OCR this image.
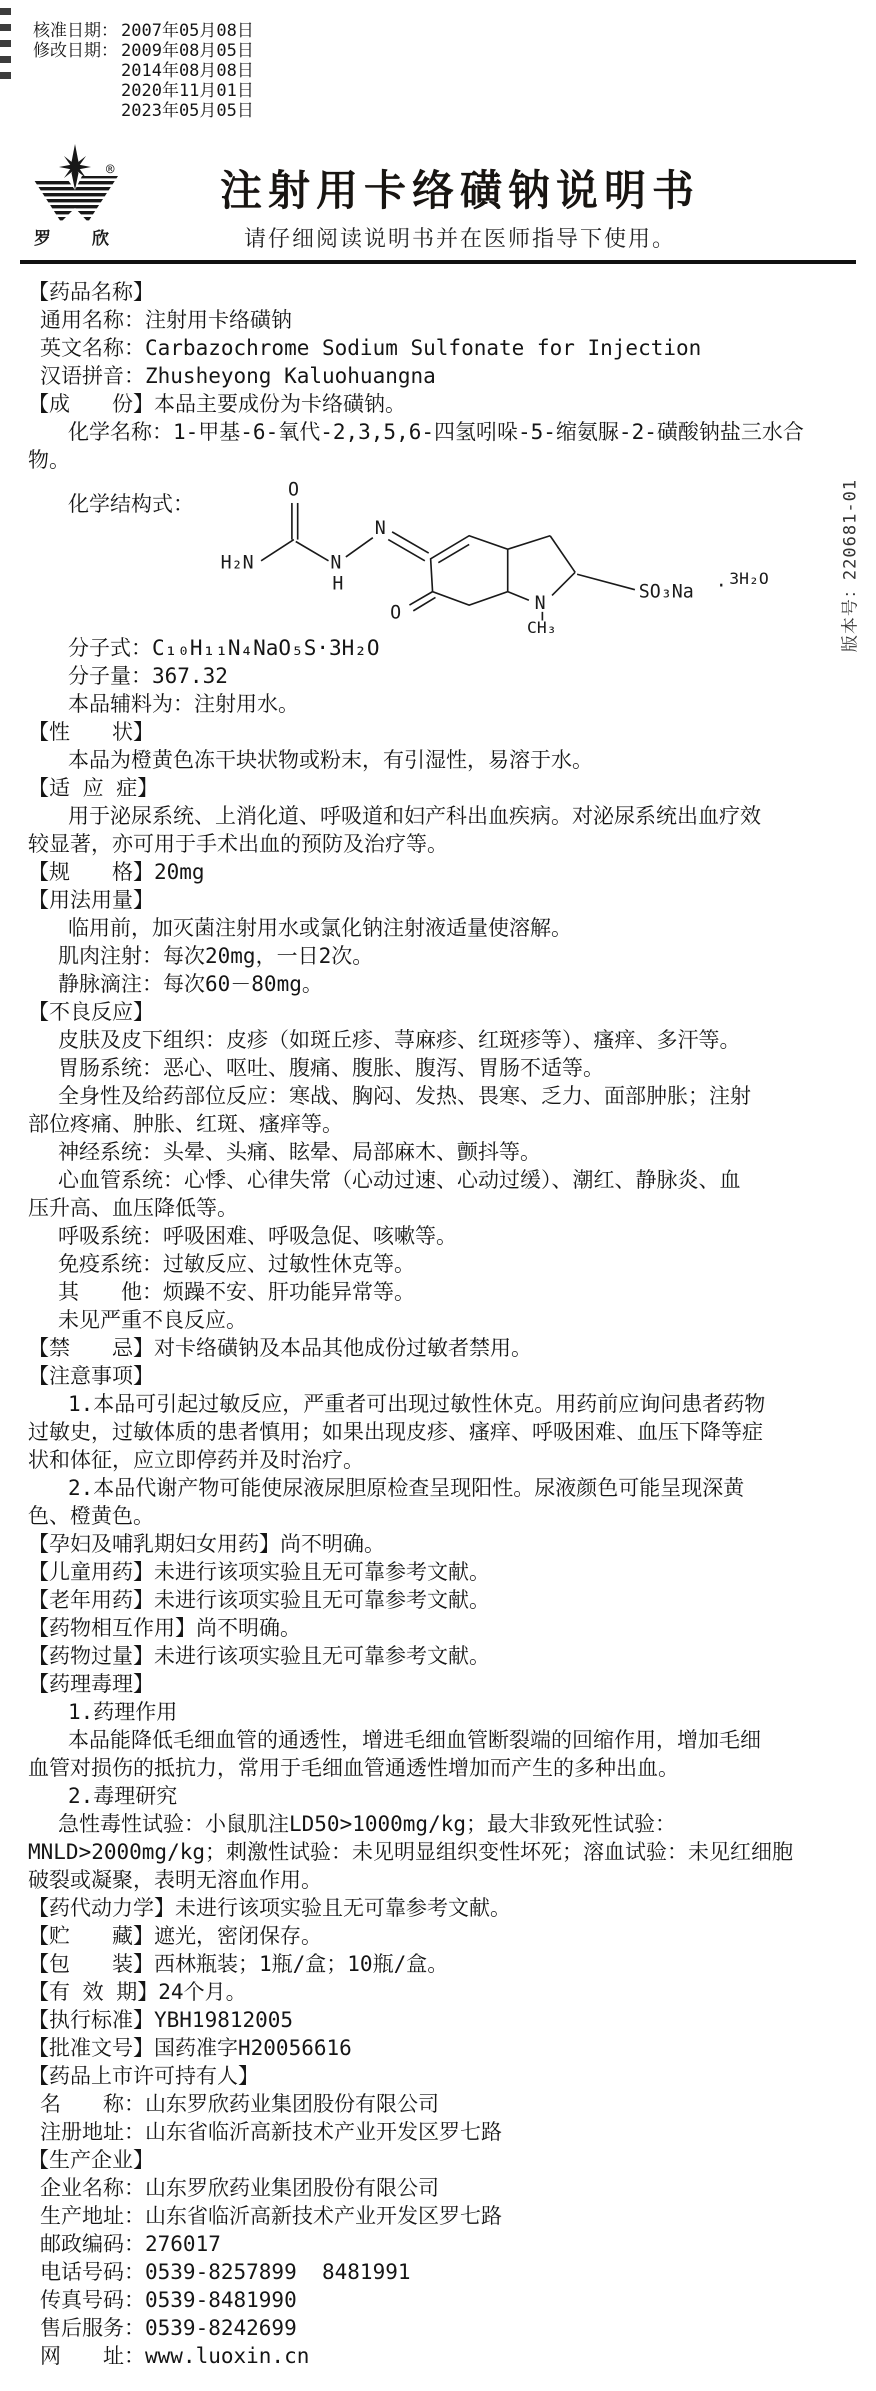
核准日期： 2007年05月08日
修改日期： 2009年08月05日
2014年08月08日
2020年11月01日
2023年05月05日
®
罗 欣
注射用卡络磺钠说明书
请仔细阅读说明书并在医师指导下使用。
版本号：220681-01
【药品名称】
通用名称：注射用卡络磺钠
英文名称：Carbazochrome Sodium Sulfonate for Injection
汉语拼音：Zhusheyong Kaluohuangna
【成　　份】本品主要成份为卡络磺钠。
化学名称：1-甲基-6-氧代-2,3,5,6-四氢吲哚-5-缩氨脲-2-磺酸钠盐三水合
物。
化学结构式：
H₂N
O
N
H
N
O	N
CH₃
SO₃Na · 3H₂O
分子式：C₁₀H₁₁N₄NaO₅S·3H₂O
分子量：367.32
本品辅料为：注射用水。
【性　　状】
本品为橙黄色冻干块状物或粉末，有引湿性，易溶于水。
【适 应 症】
用于泌尿系统、上消化道、呼吸道和妇产科出血疾病。对泌尿系统出血疗效
较显著，亦可用于手术出血的预防及治疗等。
【规　　格】20mg
【用法用量】
临用前，加灭菌注射用水或氯化钠注射液适量使溶解。
肌肉注射：每次20mg，一日2次。
静脉滴注：每次60－80mg。
【不良反应】
皮肤及皮下组织：皮疹（如斑丘疹、荨麻疹、红斑疹等）、瘙痒、多汗等。
胃肠系统：恶心、呕吐、腹痛、腹胀、腹泻、胃肠不适等。
全身性及给药部位反应：寒战、胸闷、发热、畏寒、乏力、面部肿胀；注射
部位疼痛、肿胀、红斑、瘙痒等。
神经系统：头晕、头痛、眩晕、局部麻木、颤抖等。
心血管系统：心悸、心律失常（心动过速、心动过缓）、潮红、静脉炎、血
压升高、血压降低等。
呼吸系统：呼吸困难、呼吸急促、咳嗽等。
免疫系统：过敏反应、过敏性休克等。
其　　他：烦躁不安、肝功能异常等。
未见严重不良反应。
【禁　　忌】对卡络磺钠及本品其他成份过敏者禁用。
【注意事项】
1.本品可引起过敏反应，严重者可出现过敏性休克。用药前应询问患者药物
过敏史，过敏体质的患者慎用；如果出现皮疹、瘙痒、呼吸困难、血压下降等症
状和体征，应立即停药并及时治疗。
2.本品代谢产物可能使尿液尿胆原检查呈现阳性。尿液颜色可能呈现深黄
色、橙黄色。
【孕妇及哺乳期妇女用药】尚不明确。
【儿童用药】未进行该项实验且无可靠参考文献。
【老年用药】未进行该项实验且无可靠参考文献。
【药物相互作用】尚不明确。
【药物过量】未进行该项实验且无可靠参考文献。
【药理毒理】
1.药理作用
本品能降低毛细血管的通透性，增进毛细血管断裂端的回缩作用，增加毛细
血管对损伤的抵抗力，常用于毛细血管通透性增加而产生的多种出血。
2.毒理研究
急性毒性试验：小鼠肌注LD50>1000mg/kg；最大非致死性试验：
MNLD>2000mg/kg；刺激性试验：未见明显组织变性坏死；溶血试验：未见红细胞
破裂或凝聚，表明无溶血作用。
【药代动力学】未进行该项实验且无可靠参考文献。
【贮　　藏】遮光，密闭保存。
【包　　装】西林瓶装；1瓶/盒；10瓶/盒。
【有 效 期】24个月。
【执行标准】YBH19812005
【批准文号】国药准字H20056616
【药品上市许可持有人】
名　　称：山东罗欣药业集团股份有限公司
注册地址：山东省临沂高新技术产业开发区罗七路
【生产企业】
企业名称：山东罗欣药业集团股份有限公司
生产地址：山东省临沂高新技术产业开发区罗七路
邮政编码：276017
电话号码：0539-8257899  8481991
传真号码：0539-8481990
售后服务：0539-8242699
网　　址：www.luoxin.cn
